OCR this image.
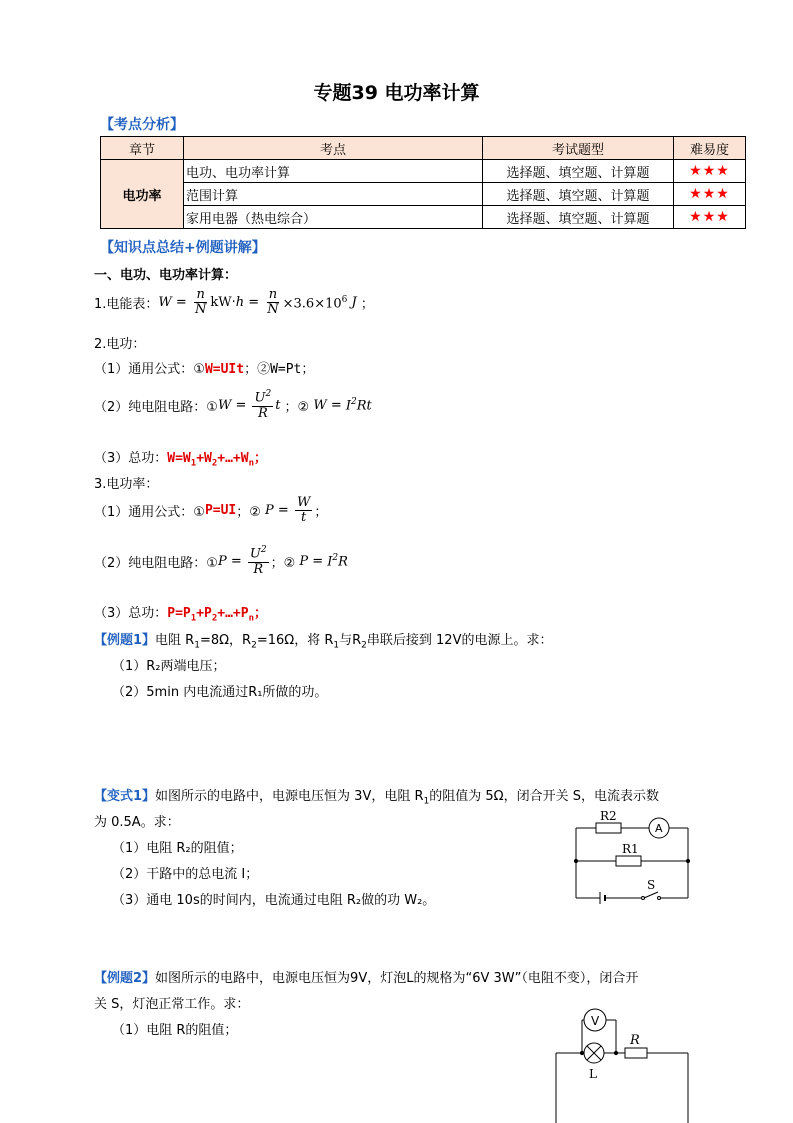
专题39 电功率计算
【考点分析】
章节	考点	考试题型	难易度
电功率	电功、电功率计算	选择题、填空题、计算题	★★★
	范围计算	选择题、填空题、计算题	★★★
	家用电器（热电综合）	选择题、填空题、计算题	★★★
【知识点总结+例题讲解】
一、电功、电功率计算：
1.电能表： $W = \frac{n}{N}$ kW · $h = \frac{n}{N} \times 3.6\times 10^6$ J ；
2.电功：
（1）通用公式：①W=UIt；②W=Pt；
（2）纯电阻电路：① $W = \frac{U^2}{R}$ t ；② $W = I^2Rt$
（3）总功：$W=W_1+W_2+\dots+W_n$；
3.电功率：
（1）通用公式：① P=UI ；② $P = \frac{W}{t}$ ；
（2）纯电阻电路：① $P = \frac{U^2}{R}$ ；② $P = I^2R$
（3）总功：$P=P_1+P_2+\dots+P_n$；
【例题1】电阻 $R_1=8\Omega$，$R_2=16\Omega$，将 $R_1$与$R_2$串联后接到 12V的电源上。求：
（1）R₂两端电压；
（2）5min 内电流通过R₁所做的功。
【变式1】如图所示的电路中，电源电压恒为 3V，电阻 $R_1$的阻值为 5Ω，闭合开关 S，电流表示数
为 0.5A。求：
（1）电阻 R₂的阻值；
（2）干路中的总电流 I；
（3）通电 10s的时间内，电流通过电阻 R₂做的功 W₂。
R2
A
R1
S
【例题2】如图所示的电路中，电源电压恒为9V，灯泡L的规格为“6V 3W”（电阻不变），闭合开
关 S，灯泡正常工作。求：
（1）电阻 R的阻值；
V
R
L
